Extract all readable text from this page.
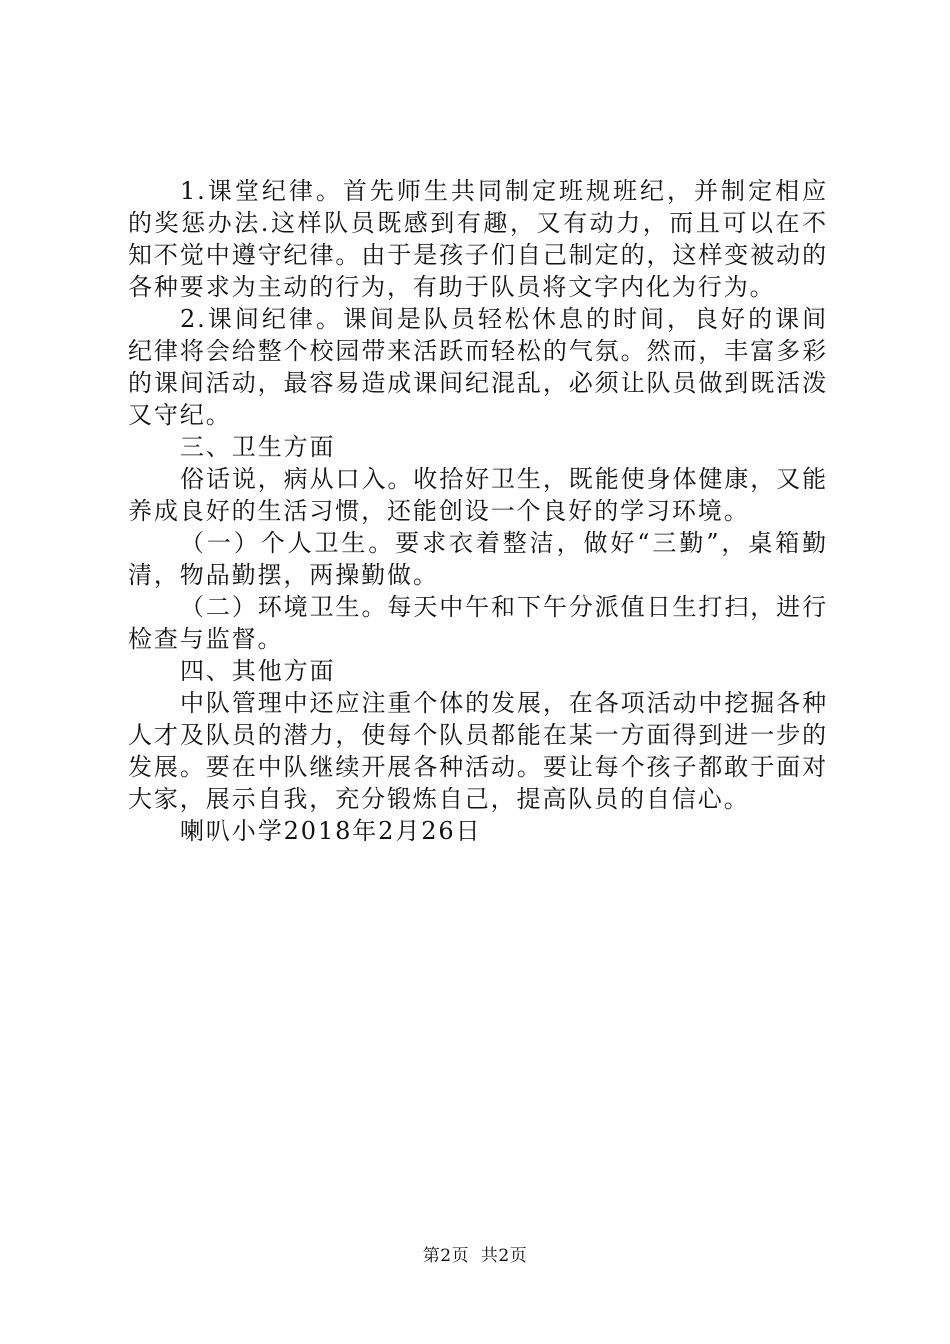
1.课堂纪律。首先师生共同制定班规班纪，并制定相应的奖惩办法.这样队员既感到有趣，又有动力，而且可以在不知不觉中遵守纪律。由于是孩子们自己制定的，这样变被动的各种要求为主动的行为，有助于队员将文字内化为行为。

2.课间纪律。课间是队员轻松休息的时间，良好的课间纪律将会给整个校园带来活跃而轻松的气氛。然而，丰富多彩的课间活动，最容易造成课间纪混乱，必须让队员做到既活泼又守纪。

三、卫生方面

俗话说，病从口入。收拾好卫生，既能使身体健康，又能养成良好的生活习惯，还能创设一个良好的学习环境。

（一）个人卫生。要求衣着整洁，做好“三勤”，桌箱勤清，物品勤摆，两操勤做。

（二）环境卫生。每天中午和下午分派值日生打扫，进行检查与监督。

四、其他方面

中队管理中还应注重个体的发展，在各项活动中挖掘各种人才及队员的潜力，使每个队员都能在某一方面得到进一步的发展。要在中队继续开展各种活动。要让每个孩子都敢于面对大家，展示自我，充分锻炼自己，提高队员的自信心。

喇叭小学2018年2月26日

第2页  共2页
